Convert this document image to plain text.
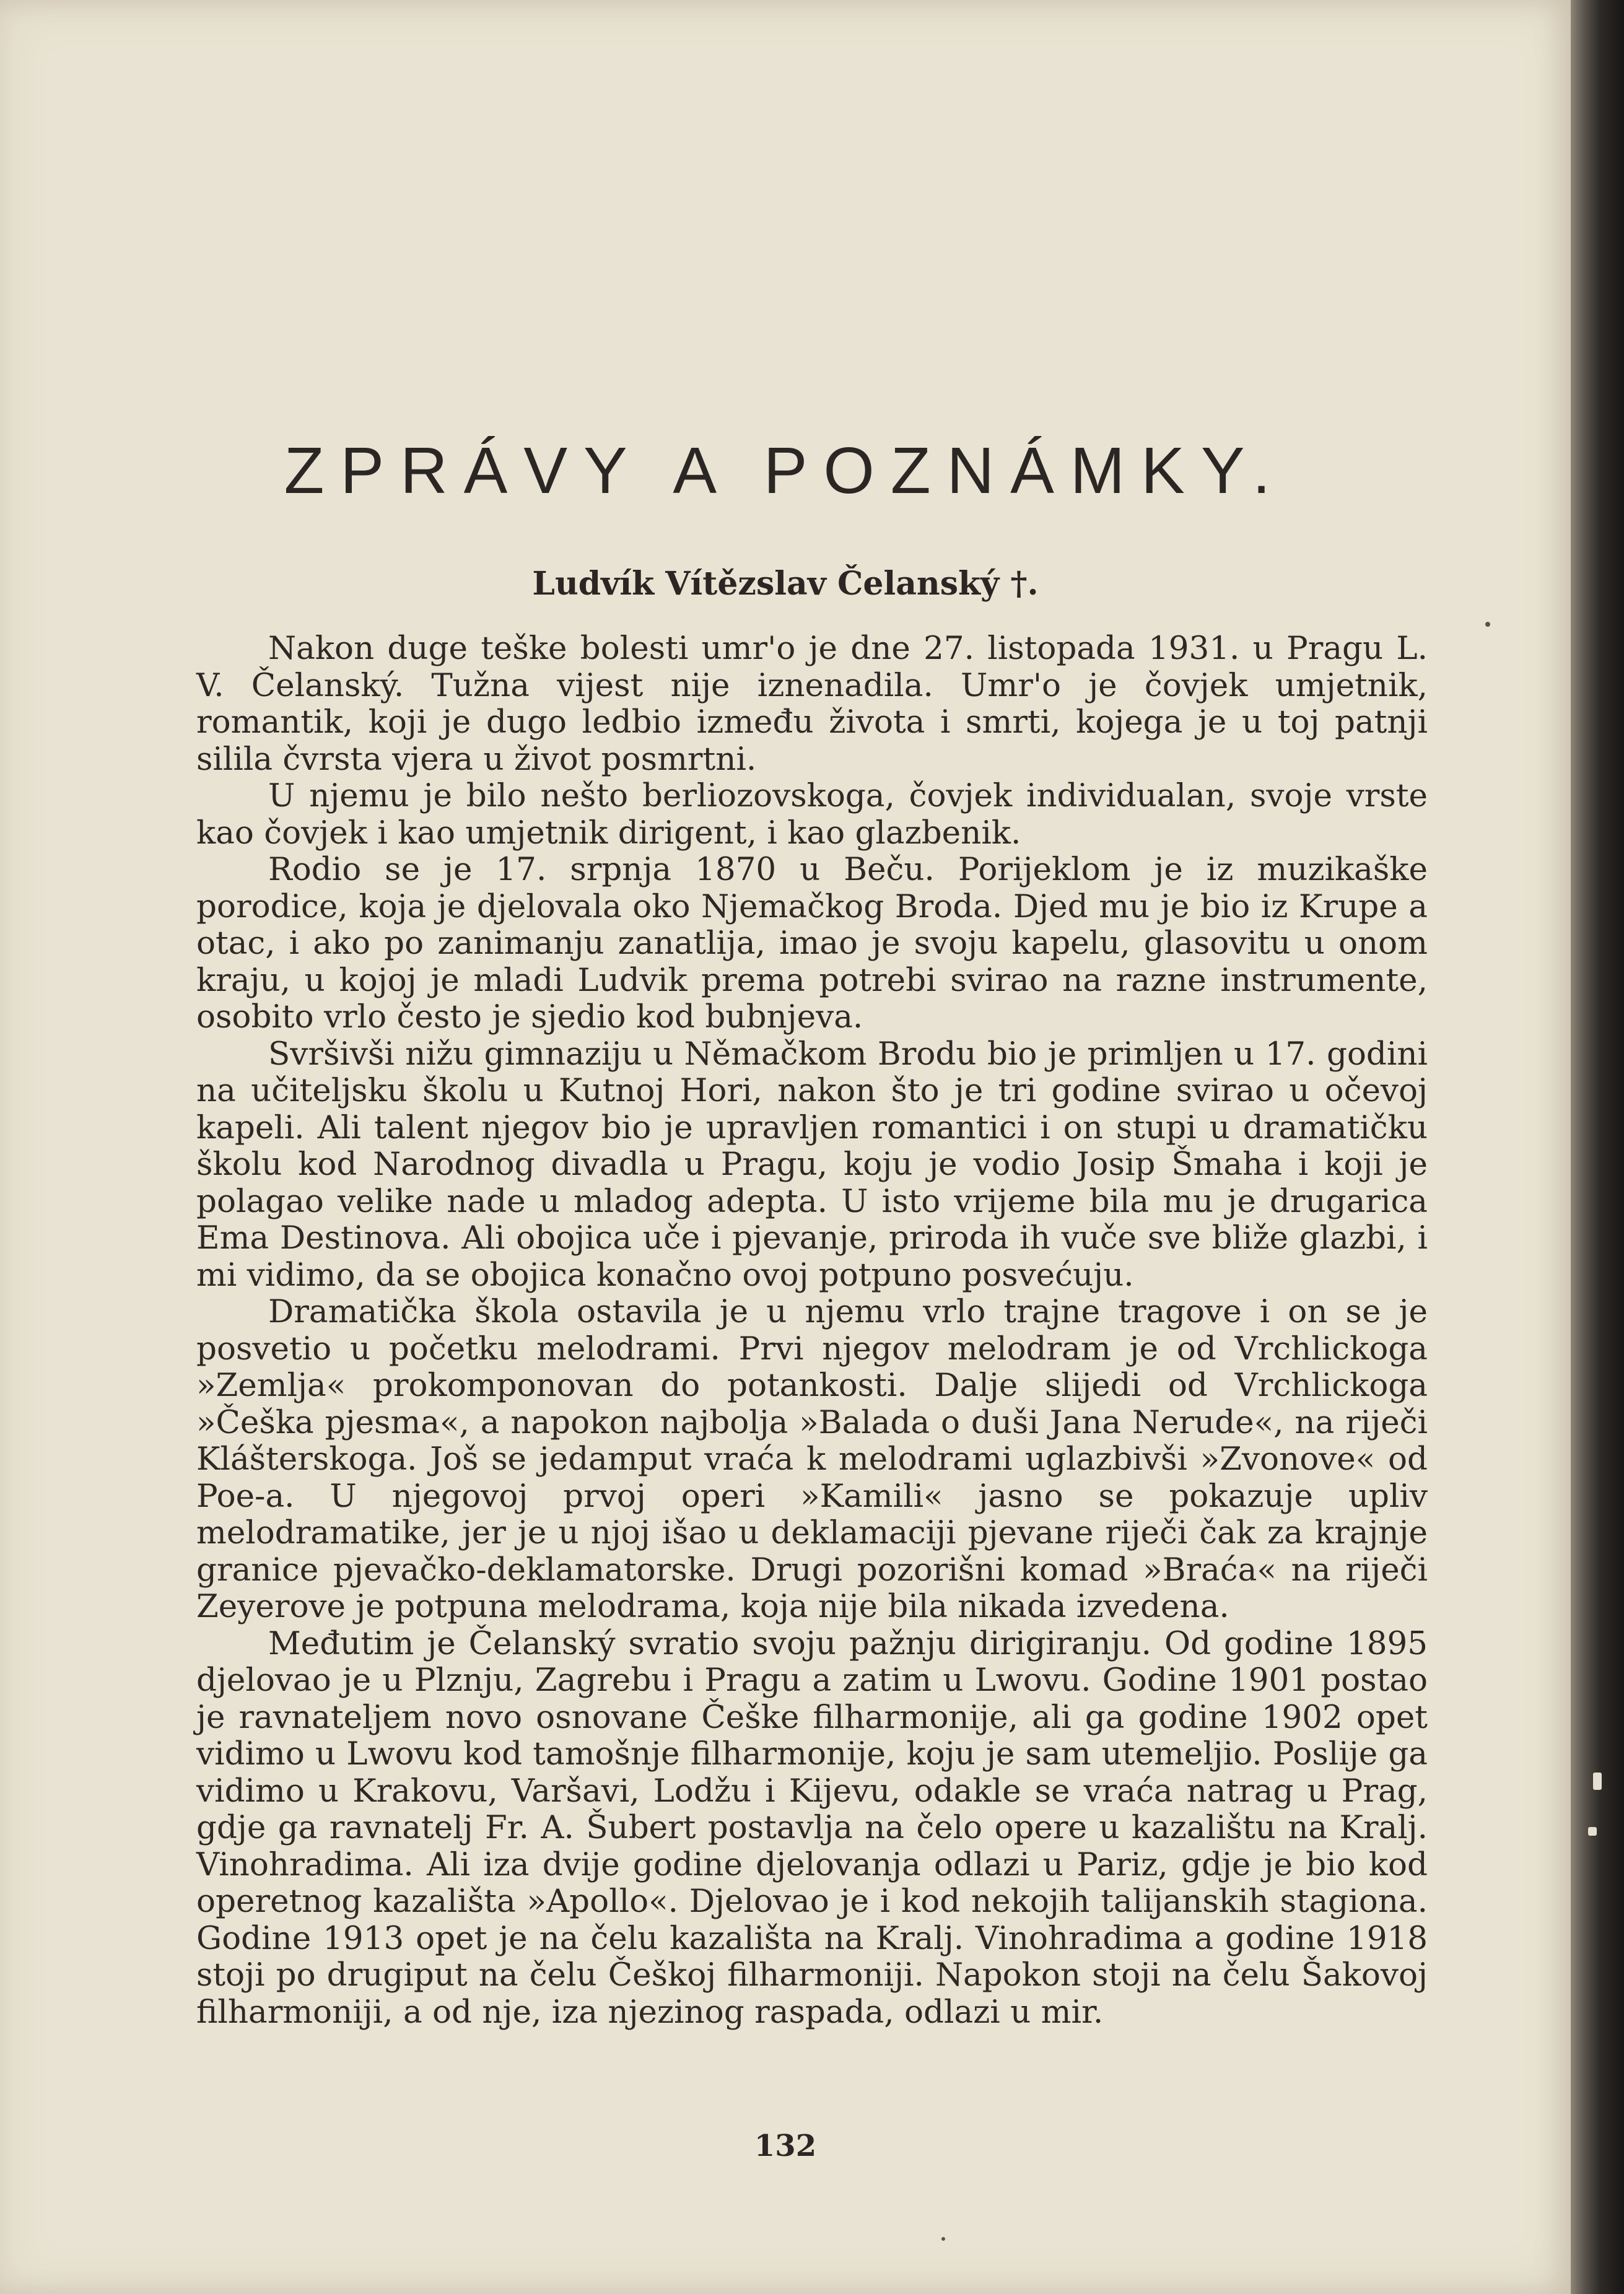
ZPRÁVY A POZNÁMKY.
Ludvík Vítězslav Čelanský †.

Nakon duge teške bolesti umr'o je dne 27. listopada 1931. u Pragu L. V. Čelanský. Tužna vijest nije iznenadila. Umr'o je čovjek umjetnik, romantik, koji je dugo ledbio između života i smrti, kojega je u toj patnji silila čvrsta vjera u život posmrtni.

U njemu je bilo nešto berliozovskoga, čovjek individualan, svoje vrste kao čovjek i kao umjetnik dirigent, i kao glazbenik.

Rodio se je 17. srpnja 1870 u Beču. Porijeklom je iz muzikaške porodice, koja je djelovala oko Njemačkog Broda. Djed mu je bio iz Krupe a otac, i ako po zanimanju zanatlija, imao je svoju kapelu, glasovitu u onom kraju, u kojoj je mladi Ludvik prema potrebi svirao na razne instrumente, osobito vrlo često je sjedio kod bubnjeva.

Svršivši nižu gimnaziju u Němačkom Brodu bio je primljen u 17. godini na učiteljsku školu u Kutnoj Hori, nakon što je tri godine svirao u očevoj kapeli. Ali talent njegov bio je upravljen romantici i on stupi u dramatičku školu kod Narodnog divadla u Pragu, koju je vodio Josip Šmaha i koji je polagao velike nade u mladog adepta. U isto vrijeme bila mu je drugarica Ema Destinova. Ali obojica uče i pjevanje, priroda ih vuče sve bliže glazbi, i mi vidimo, da se obojica konačno ovoj potpuno posvećuju.

Dramatička škola ostavila je u njemu vrlo trajne tragove i on se je posvetio u početku melodrami. Prvi njegov melodram je od Vrchlickoga »Zemlja« prokomponovan do potankosti. Dalje slijedi od Vrchlickoga »Češka pjesma«, a napokon najbolja »Balada o duši Jana Nerude«, na riječi Klášterskoga. Još se jedamput vraća k melodrami uglazbivši »Zvonove« od Poe-a. U njegovoj prvoj operi »Kamili« jasno se pokazuje upliv melodramatike, jer je u njoj išao u deklamaciji pjevane riječi čak za krajnje granice pjevačko-deklamatorske. Drugi pozorišni komad »Braća« na riječi Zeyerove je potpuna melodrama, koja nije bila nikada izvedena.

Međutim je Čelanský svratio svoju pažnju dirigiranju. Od godine 1895 djelovao je u Plznju, Zagrebu i Pragu a zatim u Lwovu. Godine 1901 postao je ravnateljem novo osnovane Češke filharmonije, ali ga godine 1902 opet vidimo u Lwovu kod tamošnje filharmonije, koju je sam utemeljio. Poslije ga vidimo u Krakovu, Varšavi, Lodžu i Kijevu, odakle se vraća natrag u Prag, gdje ga ravnatelj Fr. A. Šubert postavlja na čelo opere u kazalištu na Kralj. Vinohradima. Ali iza dvije godine djelovanja odlazi u Pariz, gdje je bio kod operetnog kazališta »Apollo«. Djelovao je i kod nekojih talijanskih stagiona. Godine 1913 opet je na čelu kazališta na Kralj. Vinohradima a godine 1918 stoji po drugiput na čelu Češkoj filharmoniji. Napokon stoji na čelu Šakovoj filharmoniji, a od nje, iza njezinog raspada, odlazi u mir.

132
